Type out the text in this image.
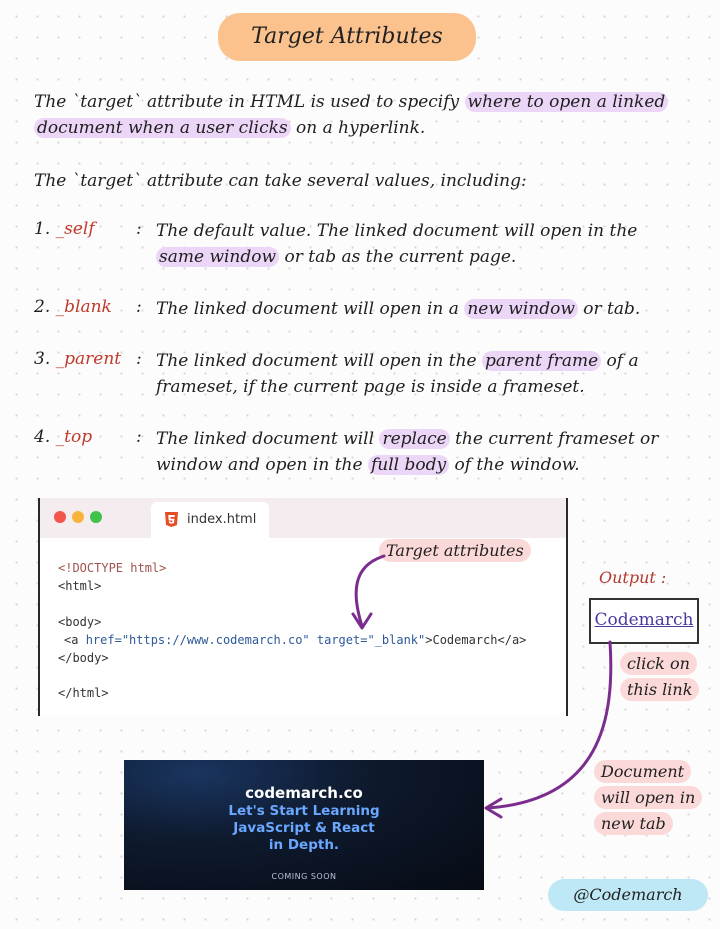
Target Attributes
The `target` attribute in HTML is used to specify where to open a linked
document when a user clicks on a hyperlink.
The `target` attribute can take several values, including:
1. _self : The default value. The linked document will open in the
same window or tab as the current page.
2. _blank : The linked document will open in a new window or tab.
3. _parent : The linked document will open in the parent frame of a
frameset, if the current page is inside a frameset.
4. _top	: The linked document will replace the current frameset or
window and open in the full body of the window.
index.html
<!DOCTYPE html>
<html>
<body>
<a href="https://www.codemarch.co" target="_blank">Codemarch</a>
</body>
</html>
Target attributes
Output :
Codemarch
click on
this link
Document
will open in
new tab
codemarch.co
Let's Start Learning
JavaScript & React
in Depth.
COMING SOON
@Codemarch
